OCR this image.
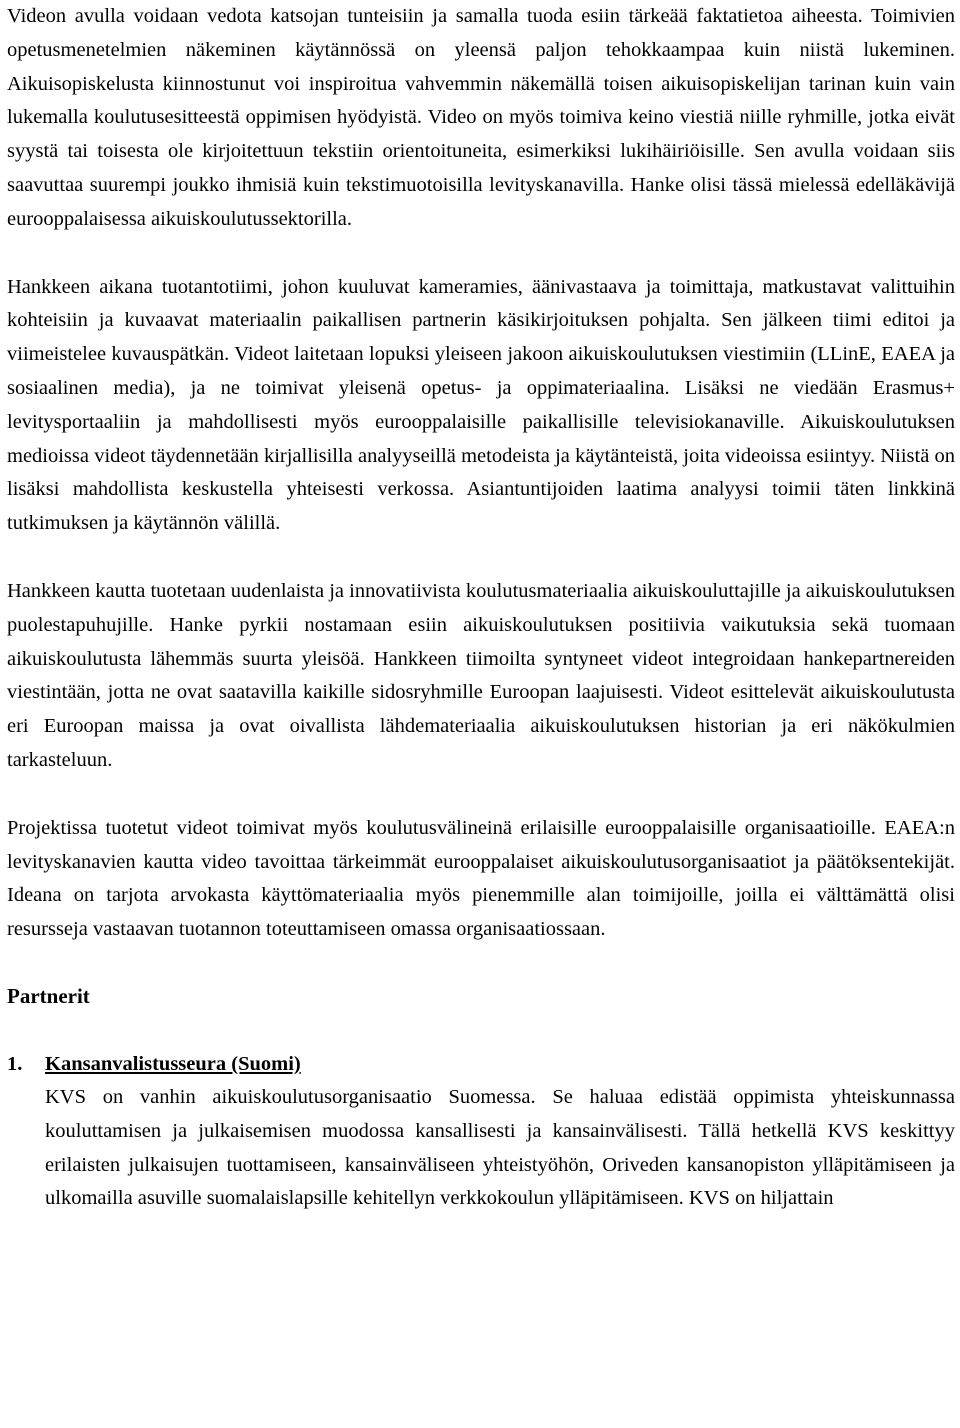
Videon avulla voidaan vedota katsojan tunteisiin ja samalla tuoda esiin tärkeää faktatietoa aiheesta. Toimivien opetusmenetelmien näkeminen käytännössä on yleensä paljon tehokkaampaa kuin niistä lukeminen. Aikuisopiskelusta kiinnostunut voi inspiroitua vahvemmin näkemällä toisen aikuisopiskelijan tarinan kuin vain lukemalla koulutusesitteestä oppimisen hyödyistä. Video on myös toimiva keino viestiä niille ryhmille, jotka eivät syystä tai toisesta ole kirjoitettuun tekstiin orientoituneita, esimerkiksi lukihäiriöisille. Sen avulla voidaan siis saavuttaa suurempi joukko ihmisiä kuin tekstimuotoisilla levityskanavilla. Hanke olisi tässä mielessä edelläkävijä eurooppalaisessa aikuiskoulutussektorilla.

Hankkeen aikana tuotantotiimi, johon kuuluvat kameramies, äänivastaava ja toimittaja, matkustavat valittuihin kohteisiin ja kuvaavat materiaalin paikallisen partnerin käsikirjoituksen pohjalta. Sen jälkeen tiimi editoi ja viimeistelee kuvauspätkän. Videot laitetaan lopuksi yleiseen jakoon aikuiskoulutuksen viestimiin (LLinE, EAEA ja sosiaalinen media), ja ne toimivat yleisenä opetus- ja oppimateriaalina. Lisäksi ne viedään Erasmus+ levitysportaaliin ja mahdollisesti myös eurooppalaisille paikallisille televisiokanaville. Aikuiskoulutuksen medioissa videot täydennetään kirjallisilla analyyseillä metodeista ja käytänteistä, joita videoissa esiintyy. Niistä on lisäksi mahdollista keskustella yhteisesti verkossa. Asiantuntijoiden laatima analyysi toimii täten linkkinä tutkimuksen ja käytännön välillä.

Hankkeen kautta tuotetaan uudenlaista ja innovatiivista koulutusmateriaalia aikuiskouluttajille ja aikuiskoulutuksen puolestapuhujille. Hanke pyrkii nostamaan esiin aikuiskoulutuksen positiivia vaikutuksia sekä tuomaan aikuiskoulutusta lähemmäs suurta yleisöä. Hankkeen tiimoilta syntyneet videot integroidaan hankepartnereiden viestintään, jotta ne ovat saatavilla kaikille sidosryhmille Euroopan laajuisesti. Videot esittelevät aikuiskoulutusta eri Euroopan maissa ja ovat oivallista lähdemateriaalia aikuiskoulutuksen historian ja eri näkökulmien tarkasteluun.

Projektissa tuotetut videot toimivat myös koulutusvälineinä erilaisille eurooppalaisille organisaatioille. EAEA:n levityskanavien kautta video tavoittaa tärkeimmät eurooppalaiset aikuiskoulutusorganisaatiot ja päätöksentekijät. Ideana on tarjota arvokasta käyttömateriaalia myös pienemmille alan toimijoille, joilla ei välttämättä olisi resursseja vastaavan tuotannon toteuttamiseen omassa organisaatiossaan.

Partnerit
1.	Kansanvalistusseura (Suomi)

KVS on vanhin aikuiskoulutusorganisaatio Suomessa. Se haluaa edistää oppimista yhteiskunnassa kouluttamisen ja julkaisemisen muodossa kansallisesti ja kansainvälisesti. Tällä hetkellä KVS keskittyy erilaisten julkaisujen tuottamiseen, kansainväliseen yhteistyöhön, Oriveden kansanopiston ylläpitämiseen ja ulkomailla asuville suomalaislapsille kehitellyn verkkokoulun ylläpitämiseen. KVS on hiljattain
